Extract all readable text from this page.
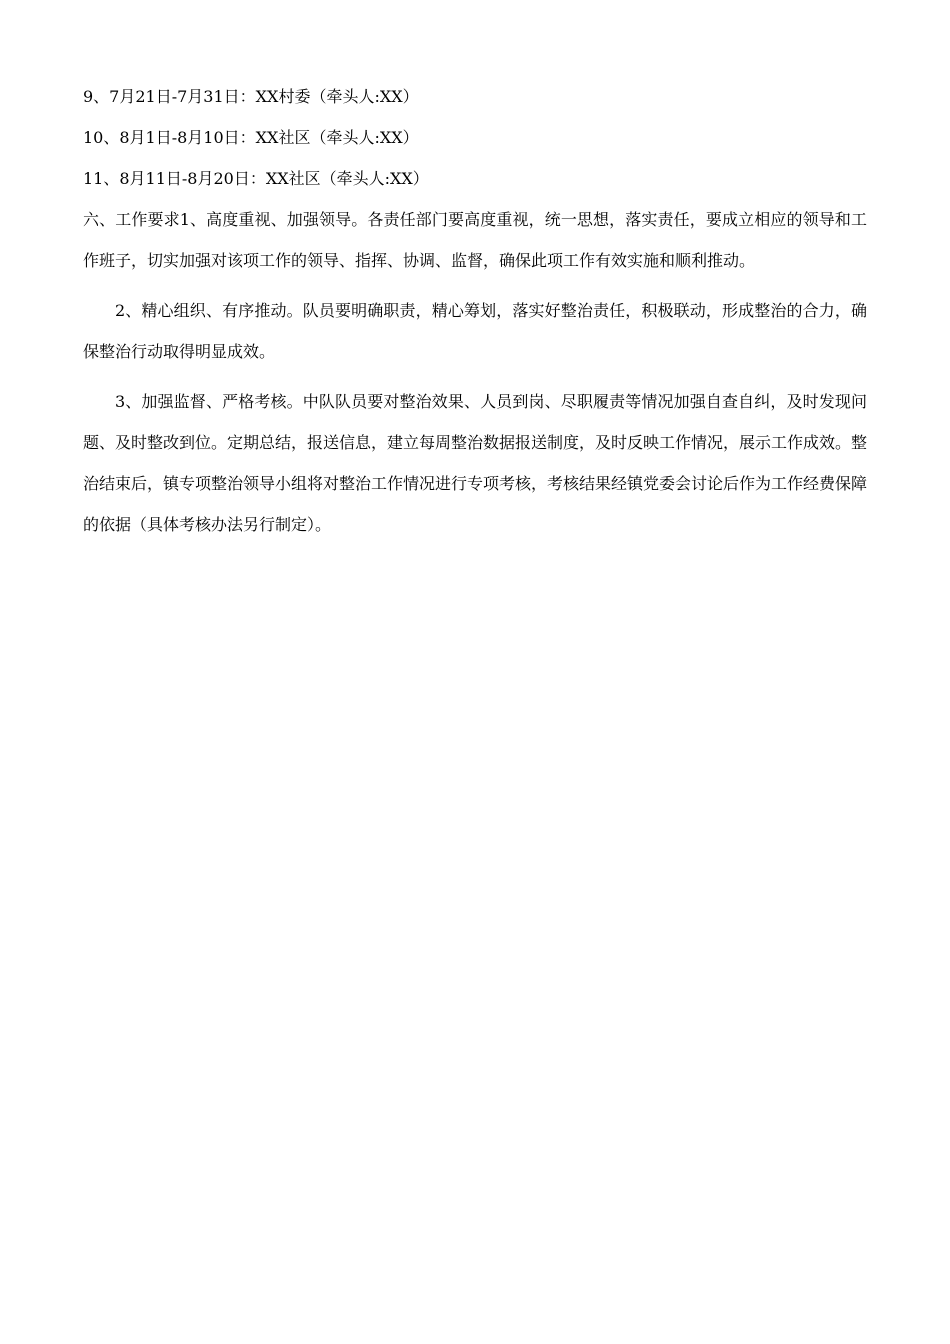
9、7月21日-7月31日：XX村委（牵头人:XX）
10、8月1日-8月10日：XX社区（牵头人:XX）
11、8月11日-8月20日：XX社区（牵头人:XX）

六、工作要求1、高度重视、加强领导。各责任部门要高度重视，统一思想，落实责任，要成立相应的领导和工作班子，切实加强对该项工作的领导、指挥、协调、监督，确保此项工作有效实施和顺利推动。

2、精心组织、有序推动。队员要明确职责，精心筹划，落实好整治责任，积极联动，形成整治的合力，确保整治行动取得明显成效。

3、加强监督、严格考核。中队队员要对整治效果、人员到岗、尽职履责等情况加强自查自纠，及时发现问题、及时整改到位。定期总结，报送信息，建立每周整治数据报送制度，及时反映工作情况，展示工作成效。整治结束后，镇专项整治领导小组将对整治工作情况进行专项考核，考核结果经镇党委会讨论后作为工作经费保障的依据（具体考核办法另行制定）。
